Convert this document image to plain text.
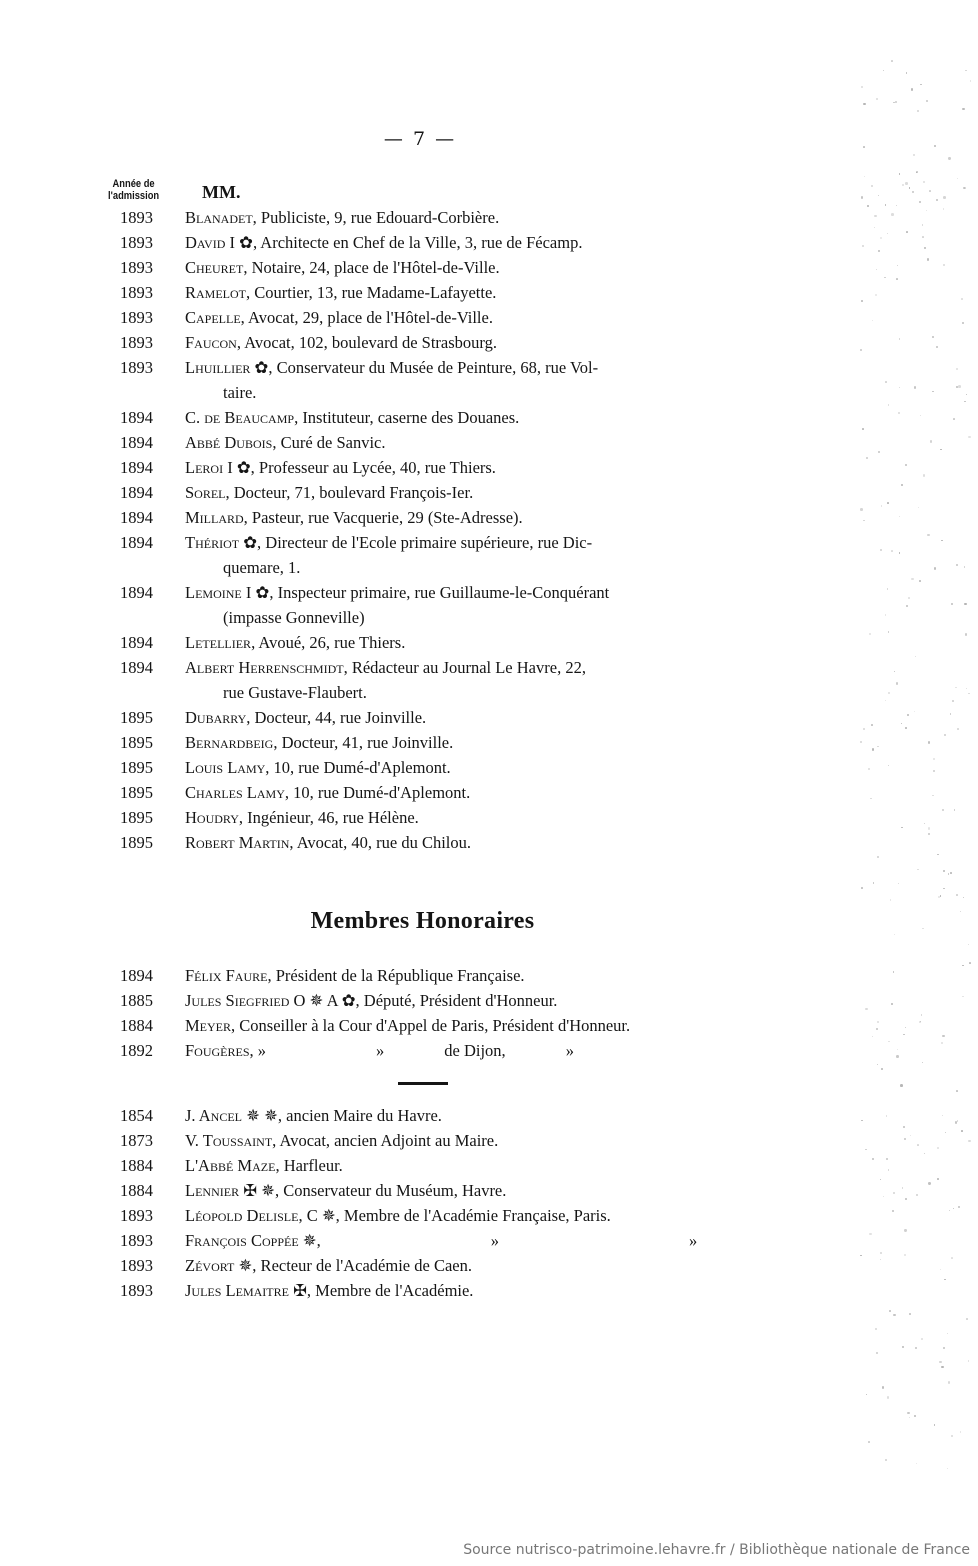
— 7 —
Année de l'admission MM.
1893	Blanadet, Publiciste, 9, rue Edouard-Corbière.
1893	David I ✿, Architecte en Chef de la Ville, 3, rue de Fécamp.
1893	Cheuret, Notaire, 24, place de l'Hôtel-de-Ville.
1893	Ramelot, Courtier, 13, rue Madame-Lafayette.
1893	Capelle, Avocat, 29, place de l'Hôtel-de-Ville.
1893	Faucon, Avocat, 102, boulevard de Strasbourg.
1893	Lhuillier ✿, Conservateur du Musée de Peinture, 68, rue Vol-
taire.
1894	C. de Beaucamp, Instituteur, caserne des Douanes.
1894	Abbé Dubois, Curé de Sanvic.
1894	Leroi I ✿, Professeur au Lycée, 40, rue Thiers.
1894	Sorel, Docteur, 71, boulevard François-Ier.
1894	Millard, Pasteur, rue Vacquerie, 29 (Ste-Adresse).
1894	Thériot ✿, Directeur de l'Ecole primaire supérieure, rue Dic-
quemare, 1.
1894	Lemoine I ✿, Inspecteur primaire, rue Guillaume-le-Conquérant
(impasse Gonneville)
1894	Letellier, Avoué, 26, rue Thiers.
1894	Albert Herrenschmidt, Rédacteur au Journal Le Havre, 22,
rue Gustave-Flaubert.
1895	Dubarry, Docteur, 44, rue Joinville.
1895	Bernardbeig, Docteur, 41, rue Joinville.
1895	Louis Lamy, 10, rue Dumé-d'Aplemont.
1895	Charles Lamy, 10, rue Dumé-d'Aplemont.
1895	Houdry, Ingénieur, 46, rue Hélène.
1895	Robert Martin, Avocat, 40, rue du Chilou.
Membres Honoraires
1894	Félix Faure, Président de la République Française.
1885	Jules Siegfried O ✵ A ✿, Député, Président d'Honneur.
1884	Meyer, Conseiller à la Cour d'Appel de Paris, Président d'Honneur.
1892	Fougères, »	»	de Dijon,	»
1854	J. Ancel ✵ ✵, ancien Maire du Havre.
1873	V. Toussaint, Avocat, ancien Adjoint au Maire.
1884	L'Abbé Maze, Harfleur.
1884	Lennier ✠ ✵, Conservateur du Muséum, Havre.
1893	Léopold Delisle, C ✵, Membre de l'Académie Française, Paris.
1893	François Coppée ✵,	»	»
1893	Zévort ✵, Recteur de l'Académie de Caen.
1893	Jules Lemaitre ✠, Membre de l'Académie.
Source nutrisco-patrimoine.lehavre.fr / Bibliothèque nationale de France
